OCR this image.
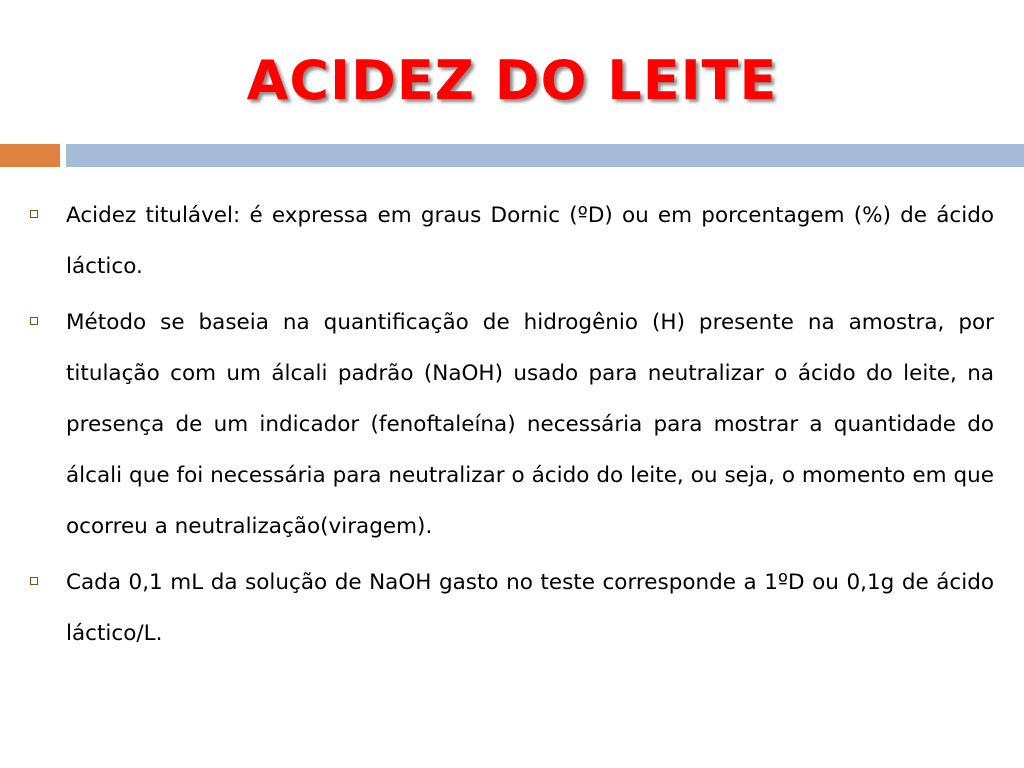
ACIDEZ DO LEITE
Acidez titulável: é expressa em graus Dornic (ºD) ou em porcentagem (%) de ácido láctico.
Método se baseia na quantificação de hidrogênio (H) presente na amostra, por titulação com um álcali padrão (NaOH) usado para neutralizar o ácido do leite, na presença de um indicador (fenoftaleína) necessária para mostrar a quantidade do álcali que foi necessária para neutralizar o ácido do leite, ou seja, o momento em que ocorreu a neutralização(viragem).
Cada 0,1 mL da solução de NaOH gasto no teste corresponde a 1ºD ou 0,1g de ácido láctico/L.
